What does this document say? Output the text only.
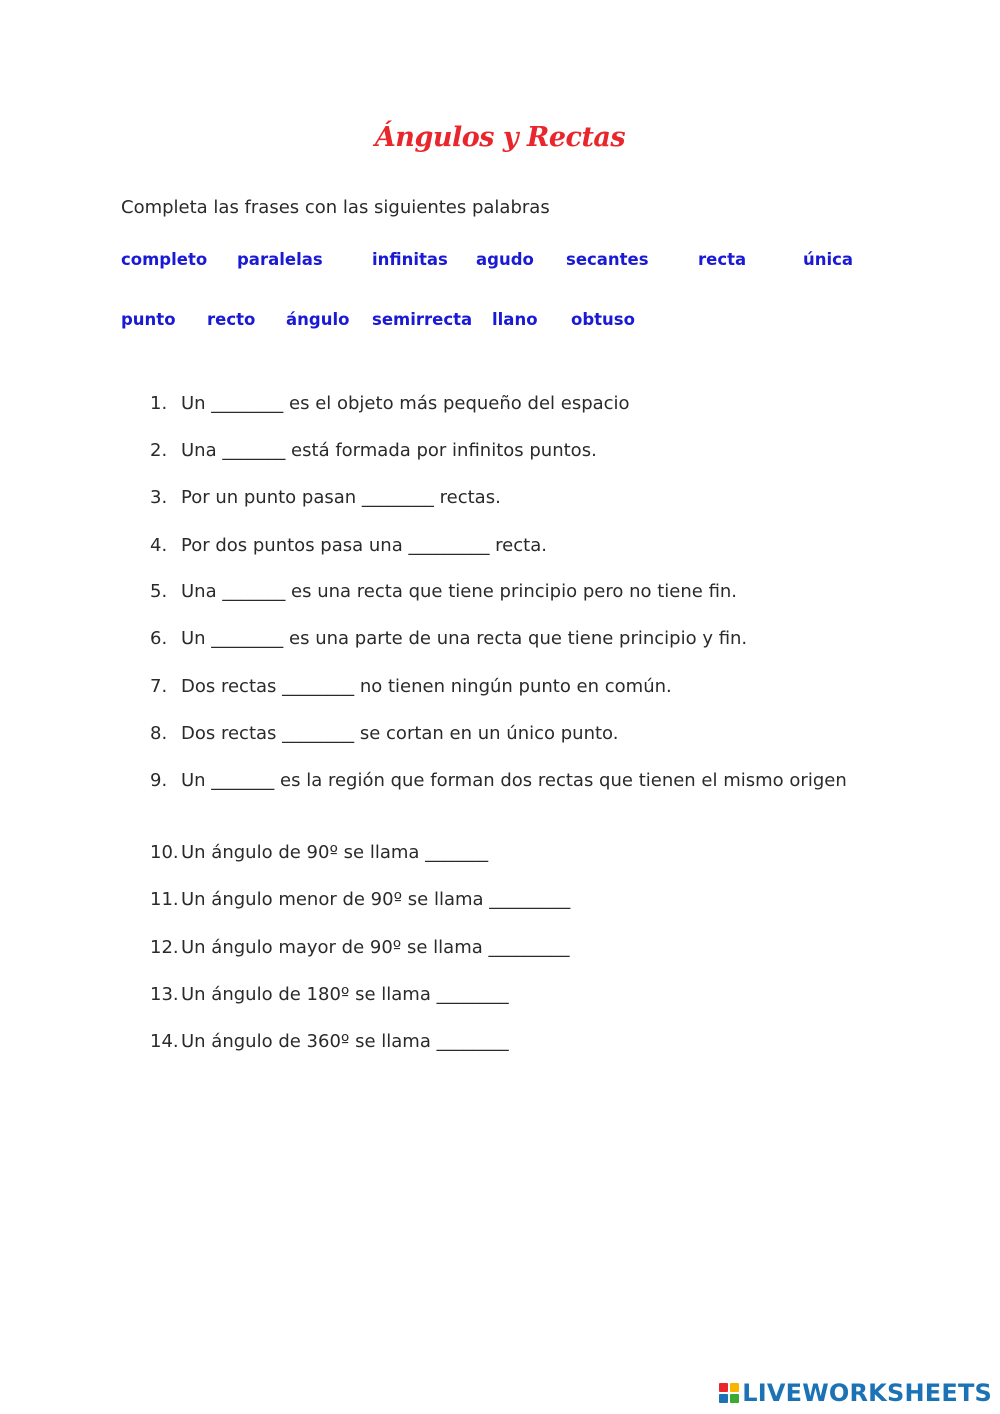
Ángulos y Rectas
Completa las frases con las siguientes palabras
completo paralelas	infinitas agudo secantes	recta	única
punto recto ángulo semirrecta llano obtuso
1. Un ________ es el objeto más pequeño del espacio
2. Una _______ está formada por infinitos puntos.
3. Por un punto pasan ________ rectas.
4. Por dos puntos pasa una _________ recta.
5. Una _______ es una recta que tiene principio pero no tiene fin.
6. Un ________ es una parte de una recta que tiene principio y fin.
7. Dos rectas ________ no tienen ningún punto en común.
8. Dos rectas ________ se cortan en un único punto.
9. Un _______ es la región que forman dos rectas que tienen el mismo origen
10. Un ángulo de 90º se llama _______
11. Un ángulo menor de 90º se llama _________
12. Un ángulo mayor de 90º se llama _________
13. Un ángulo de 180º se llama ________
14. Un ángulo de 360º se llama ________
LIVEWORKSHEETS
